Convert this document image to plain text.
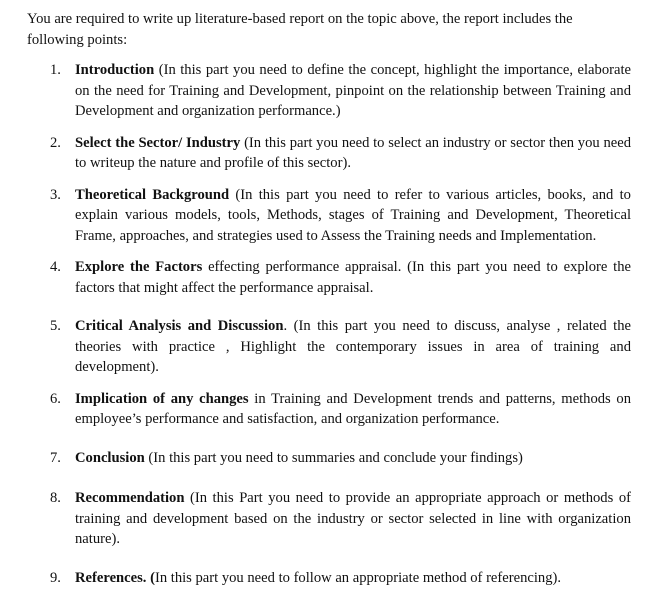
You are required to write up literature-based report on the topic above, the report includes the following points:

1. Introduction (In this part you need to define the concept, highlight the importance, elaborate on the need for Training and Development, pinpoint on the relationship between Training and Development and organization performance.)
2. Select the Sector/ Industry (In this part you need to select an industry or sector then you need to writeup the nature and profile of this sector).
3. Theoretical Background (In this part you need to refer to various articles, books, and to explain various models, tools, Methods, stages of Training and Development, Theoretical Frame, approaches, and strategies used to Assess the Training needs and Implementation.
4. Explore the Factors effecting performance appraisal. (In this part you need to explore the factors that might affect the performance appraisal.
5. Critical Analysis and Discussion. (In this part you need to discuss, analyse , related the theories with practice , Highlight the contemporary issues in area of training and development).
6. Implication of any changes in Training and Development trends and patterns, methods on employee’s performance and satisfaction, and organization performance.
7. Conclusion (In this part you need to summaries and conclude your findings)
8. Recommendation (In this Part you need to provide an appropriate approach or methods of training and development based on the industry or sector selected in line with organization nature).
9. References. (In this part you need to follow an appropriate method of referencing).
